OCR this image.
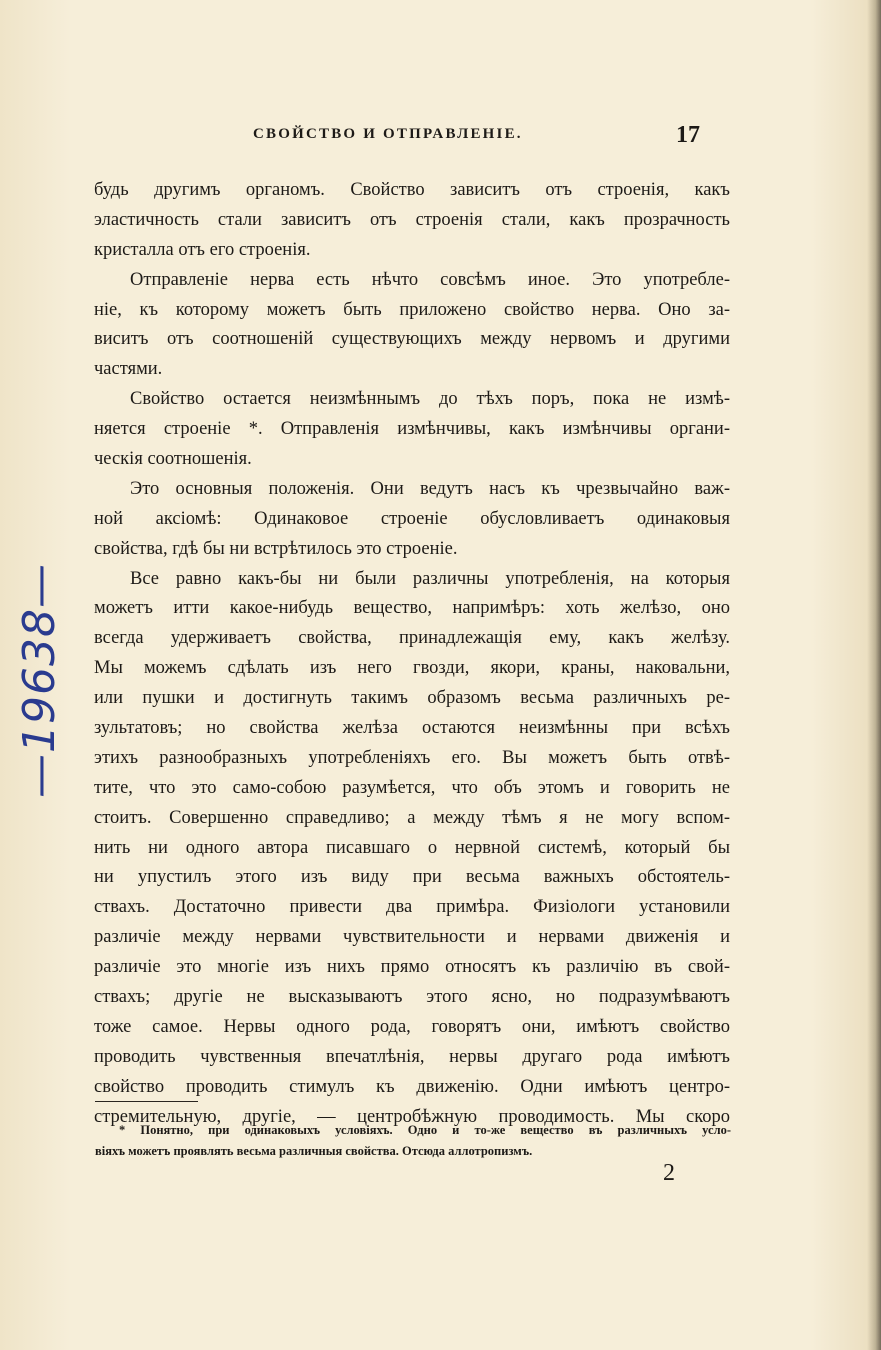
СВОЙСТВО И ОТПРАВЛЕНІЕ.	17
будь другимъ органомъ. Свойство зависитъ отъ строенія, какъ
эластичность стали зависитъ отъ строенія стали, какъ прозрачность
кристалла отъ его строенія.
Отправленіе нерва есть нѣчто совсѣмъ иное. Это употребле-
ніе, къ которому можетъ быть приложено свойство нерва. Оно за-
виситъ отъ соотношеній существующихъ между нервомъ и другими
частями.
Свойство остается неизмѣннымъ до тѣхъ поръ, пока не измѣ-
няется строеніе *. Отправленія измѣнчивы, какъ измѣнчивы органи-
ческія соотношенія.
Это основныя положенія. Они ведутъ насъ къ чрезвычайно важ-
ной аксіомѣ: Одинаковое строеніе обусловливаетъ одинаковыя
свойства, гдѣ бы ни встрѣтилось это строеніе.
Все равно какъ-бы ни были различны употребленія, на которыя
можетъ итти какое-нибудь вещество, напримѣръ: хоть желѣзо, оно
всегда удерживаетъ свойства, принадлежащія ему, какъ желѣзу.
Мы можемъ сдѣлать изъ него гвозди, якори, краны, наковальни,
или пушки и достигнуть такимъ образомъ весьма различныхъ ре-
зультатовъ; но свойства желѣза остаются неизмѣнны при всѣхъ
этихъ разнообразныхъ употребленіяхъ его. Вы можетъ быть отвѣ-
тите, что это само-собою разумѣется, что объ этомъ и говорить не
стоитъ. Совершенно справедливо; а между тѣмъ я не могу вспом-
нить ни одного автора писавшаго о нервной системѣ, который бы
ни упустилъ этого изъ виду при весьма важныхъ обстоятель-
ствахъ. Достаточно привести два примѣра. Физіологи установили
различіе между нервами чувствительности и нервами движенія и
различіе это многіе изъ нихъ прямо относятъ къ различію въ свой-
ствахъ; другіе не высказываютъ этого ясно, но подразумѣваютъ
тоже самое. Нервы одного рода, говорятъ они, имѣютъ свойство
проводить чувственныя впечатлѣнія, нервы другаго рода имѣютъ
свойство проводить стимулъ къ движенію. Одни имѣютъ центро-
стремительную, другіе, — центробѣжную проводимость. Мы скоро
* Понятно, при одинаковыхъ условіяхъ. Одно и то-же вещество въ различныхъ усло-
віяхъ можетъ проявлять весьма различныя свойства. Отсюда аллотропизмъ.
2
—19638—
